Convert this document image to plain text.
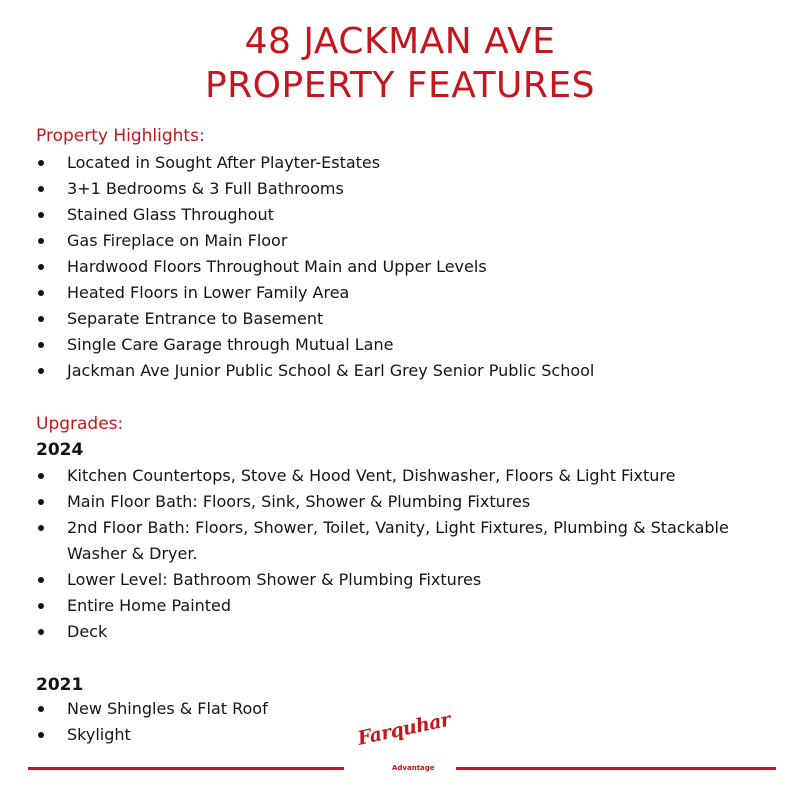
48 JACKMAN AVE
PROPERTY FEATURES

Property Highlights:

Located in Sought After Playter-Estates
3+1 Bedrooms & 3 Full Bathrooms
Stained Glass Throughout
Gas Fireplace on Main Floor
Hardwood Floors Throughout Main and Upper Levels
Heated Floors in Lower Family Area
Separate Entrance to Basement
Single Care Garage through Mutual Lane
Jackman Ave Junior Public School & Earl Grey Senior Public School

Upgrades:

2024

Kitchen Countertops, Stove & Hood Vent, Dishwasher, Floors & Light Fixture
Main Floor Bath: Floors, Sink, Shower & Plumbing Fixtures
2nd Floor Bath: Floors, Shower, Toilet, Vanity, Light Fixtures, Plumbing & Stackable Washer & Dryer.
Lower Level: Bathroom Shower & Plumbing Fixtures
Entire Home Painted
Deck

2021

New Shingles & Flat Roof
Skylight	Farquhar
Advantage
